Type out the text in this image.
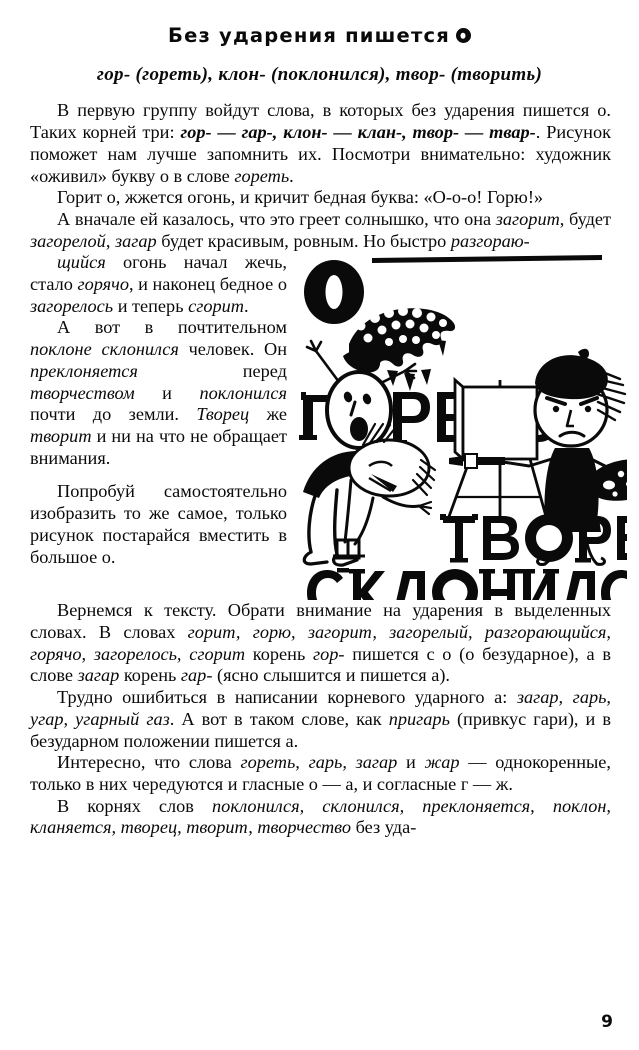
Без ударения пишется
гор- (гореть), клон- (поклонился), твор- (творить)

В первую группу войдут слова, в которых без ударения пишется о. Таких корней три: гор- — гар-, клон- — клан-, твор- — твар-. Рисунок поможет нам лучше запомнить их. Посмотри внимательно: художник «оживил» букву о в слове гореть.

Горит о, жжется огонь, и кричит бедная буква: «О-о-о! Горю!»

А вначале ей казалось, что это греет солнышко, что она загорит, будет загорелой, загар будет красивым, ровным. Но быстро разгораю-

щийся огонь начал жечь, стало горячо, и наконец бедное о загорелось и теперь сгорит.

А вот в почтительном поклоне склонился человек. Он преклоняется перед творчеством и поклонился почти до земли. Творец же творит и ни на что не обращает внимания.

Попробуй самостоятельно изобразить то же самое, только рисунок постарайся вместить в большое о.

Вернемся к тексту. Обрати внимание на ударения в выделенных словах. В словах горит, горю, загорит, загорелый, разгорающийся, горячо, загорелось, сгорит корень гор- пишется с о (о безударное), а в слове загар корень гар- (ясно слышится и пишется а).

Трудно ошибиться в написании корневого ударного а: загар, гарь, угар, угарный газ. А вот в таком слове, как пригарь (привкус гари), и в безударном положении пишется а.

Интересно, что слова гореть, гарь, загар и жар — однокоренные, только в них чередуются и гласные о — а, и согласные г — ж.

В корнях слов поклонился, склонился, преклоняется, поклон, кланяется, творец, творит, творчество без уда-

9
